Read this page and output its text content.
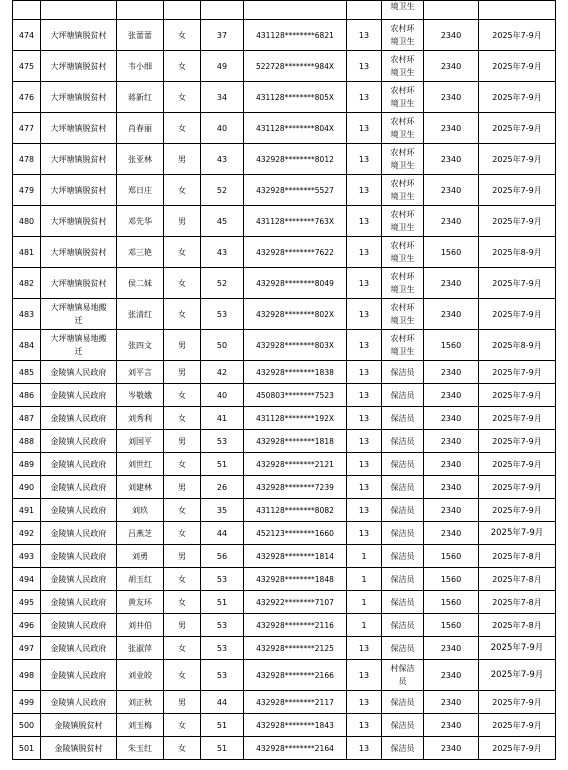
							境卫生		
474	大坪塘镇脱贫村	张蕾蕾	女	37	431128********6821	13	农村环境卫生	2340	2025年7-9月
475	大坪塘镇脱贫村	韦小细	女	49	522728********984X	13	农村环境卫生	2340	2025年7-9月
476	大坪塘镇脱贫村	蒋新红	女	34	431128********805X	13	农村环境卫生	2340	2025年7-9月
477	大坪塘镇脱贫村	肖春丽	女	40	431128********804X	13	农村环境卫生	2340	2025年7-9月
478	大坪塘镇脱贫村	张亚林	男	43	432928********8012	13	农村环境卫生	2340	2025年7-9月
479	大坪塘镇脱贫村	郑日庄	女	52	432928********5527	13	农村环境卫生	2340	2025年7-9月
480	大坪塘镇脱贫村	邓先华	男	45	431128********763X	13	农村环境卫生	2340	2025年7-9月
481	大坪塘镇脱贫村	邓三艳	女	43	432928********7622	13	农村环境卫生	1560	2025年8-9月
482	大坪塘镇脱贫村	侯二妹	女	52	432928********8049	13	农村环境卫生	2340	2025年7-9月
483	大坪塘镇易地搬迁	张清红	女	53	432928********802X	13	农村环境卫生	2340	2025年7-9月
484	大坪塘镇易地搬迁	张四文	男	50	432928********803X	13	农村环境卫生	1560	2025年8-9月
485	金陵镇人民政府	刘平言	男	42	432928********1838	13	保洁员	2340	2025年7-9月
486	金陵镇人民政府	岑敬娥	女	40	450803********7523	13	保洁员	2340	2025年7-9月
487	金陵镇人民政府	刘秀利	女	41	431128********192X	13	保洁员	2340	2025年7-9月
488	金陵镇人民政府	刘国平	男	53	432928********1818	13	保洁员	2340	2025年7-9月
489	金陵镇人民政府	刘世红	女	51	432928********2121	13	保洁员	2340	2025年7-9月
490	金陵镇人民政府	刘建林	男	26	432928********7239	13	保洁员	2340	2025年7-9月
491	金陵镇人民政府	刘玖	女	35	431128********8082	13	保洁员	2340	2025年7-9月
492	金陵镇人民政府	吕燕芝	女	44	452123********1660	13	保洁员	2340	2025年7-9月
493	金陵镇人民政府	刘勇	男	56	432928********1814	1	保洁员	1560	2025年7-8月
494	金陵镇人民政府	胡玉红	女	53	432928********1848	1	保洁员	1560	2025年7-8月
495	金陵镇人民政府	黄友环	女	51	432922********7107	1	保洁员	1560	2025年7-8月
496	金陵镇人民政府	刘井伯	男	53	432928********2116	1	保洁员	1560	2025年7-8月
497	金陵镇人民政府	张淑萍	女	53	432928********2125	13	保洁员	2340	2025年7-9月
498	金陵镇人民政府	刘业皎	女	53	432928********2166	13	村保洁员	2340	2025年7-9月
499	金陵镇人民政府	刘正秋	男	44	432928********2117	13	保洁员	2340	2025年7-9月
500	金陵镇脱贫村	刘玉梅	女	51	432928********1843	13	保洁员	2340	2025年7-9月
501	金陵镇脱贫村	朱玉红	女	51	432928********2164	13	保洁员	2340	2025年7-9月
